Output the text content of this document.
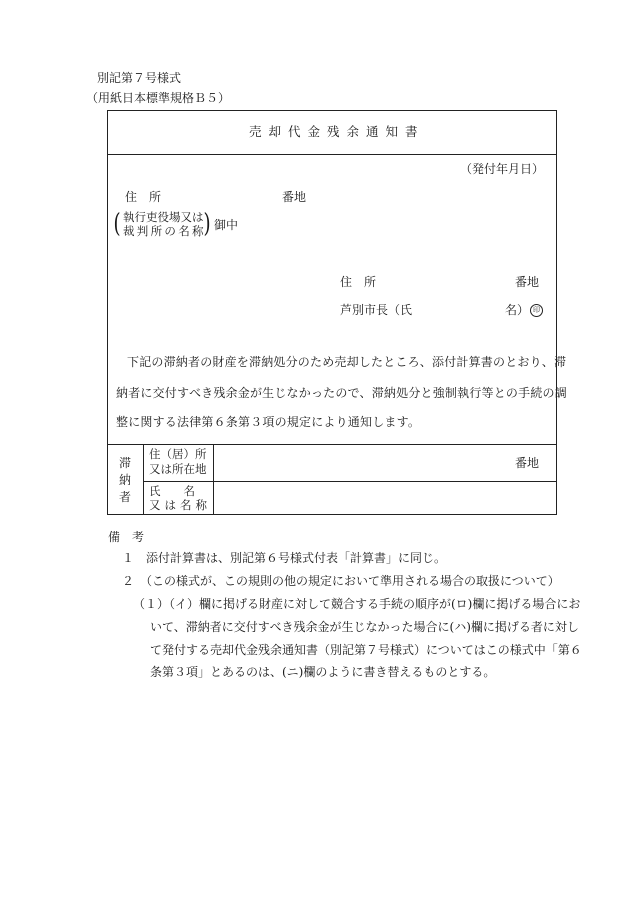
別記第７号様式
（用紙日本標準規格Ｂ５）
売却代金残余通知書
（発付年月日）
住　所	番地
( 執行吏役場又は
裁判所の名称
) 御中
住　所	番地
芦別市長（氏	名） 印
下記の滞納者の財産を滞納処分のため売却したところ、添付計算書のとおり、滞
納者に交付すべき残余金が生じなかったので、滞納処分と強制執行等との手続の調
整に関する法律第６条第３項の規定により通知します。
滞
納
者
住（居）所
又は所在地	番地
氏　　名
又は名称
備　考
１　添付計算書は、別記第６号様式付表「計算書」に同じ。
２　（この様式が、この規則の他の規定において準用される場合の取扱について）
（１）（イ）欄に掲げる財産に対して競合する手続の順序が(ロ)欄に掲げる場合にお
いて、滞納者に交付すべき残余金が生じなかった場合に(ハ)欄に掲げる者に対し
て発付する売却代金残余通知書（別記第７号様式）についてはこの様式中「第６
条第３項」とあるのは、(ニ)欄のように書き替えるものとする。
